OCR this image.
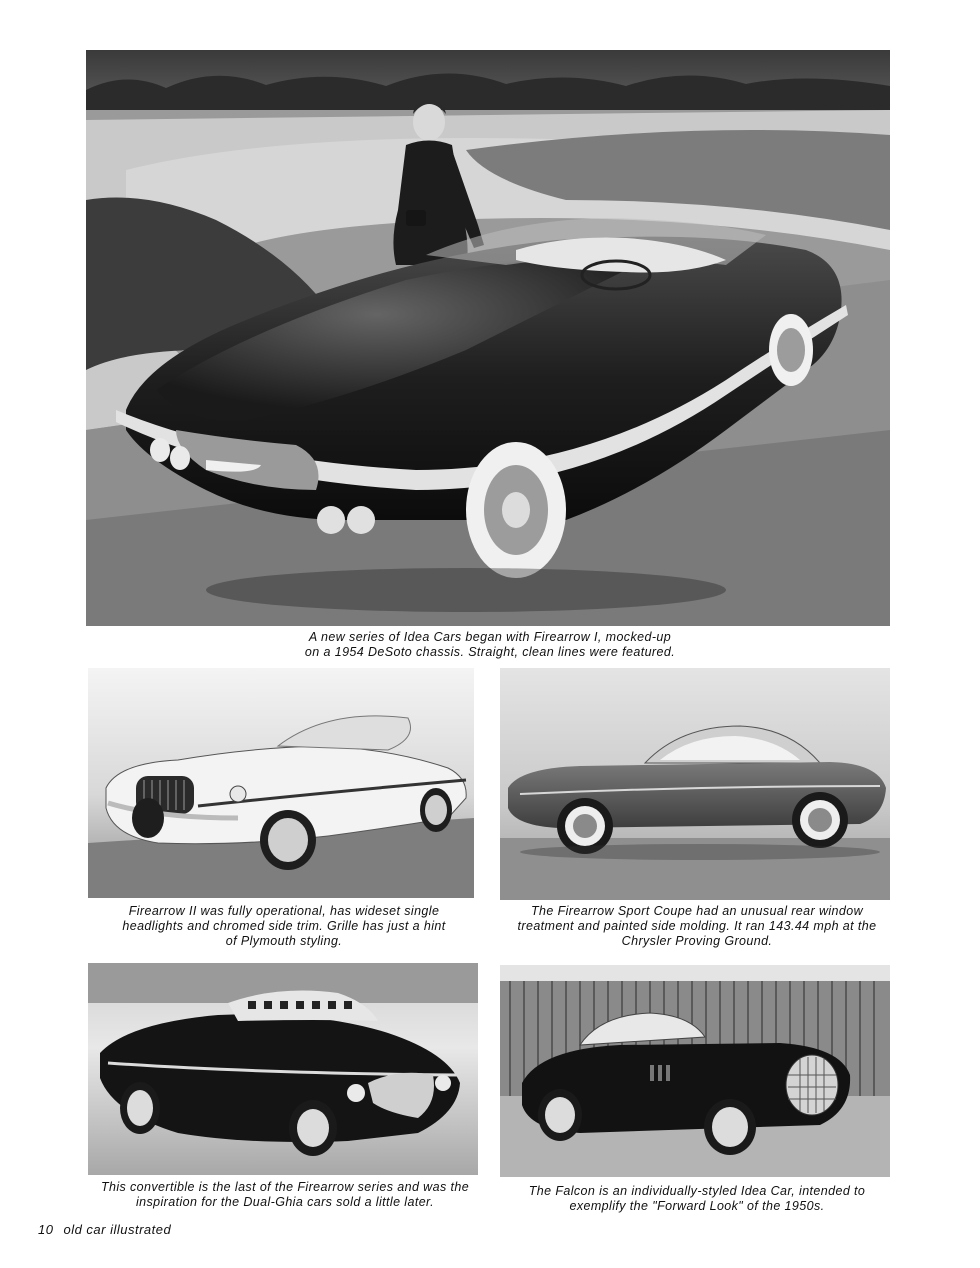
A new series of Idea Cars began with Firearrow I, mocked-up
on a 1954 DeSoto chassis. Straight, clean lines were featured.
Firearrow II was fully operational, has wideset single
headlights and chromed side trim. Grille has just a hint
of Plymouth styling.
The Firearrow Sport Coupe had an unusual rear window
treatment and painted side molding. It ran 143.44 mph at the
Chrysler Proving Ground.
This convertible is the last of the Firearrow series and was the
inspiration for the Dual-Ghia cars sold a little later.
The Falcon is an individually-styled Idea Car, intended to
exemplify the "Forward Look" of the 1950s.
10 old car illustrated
